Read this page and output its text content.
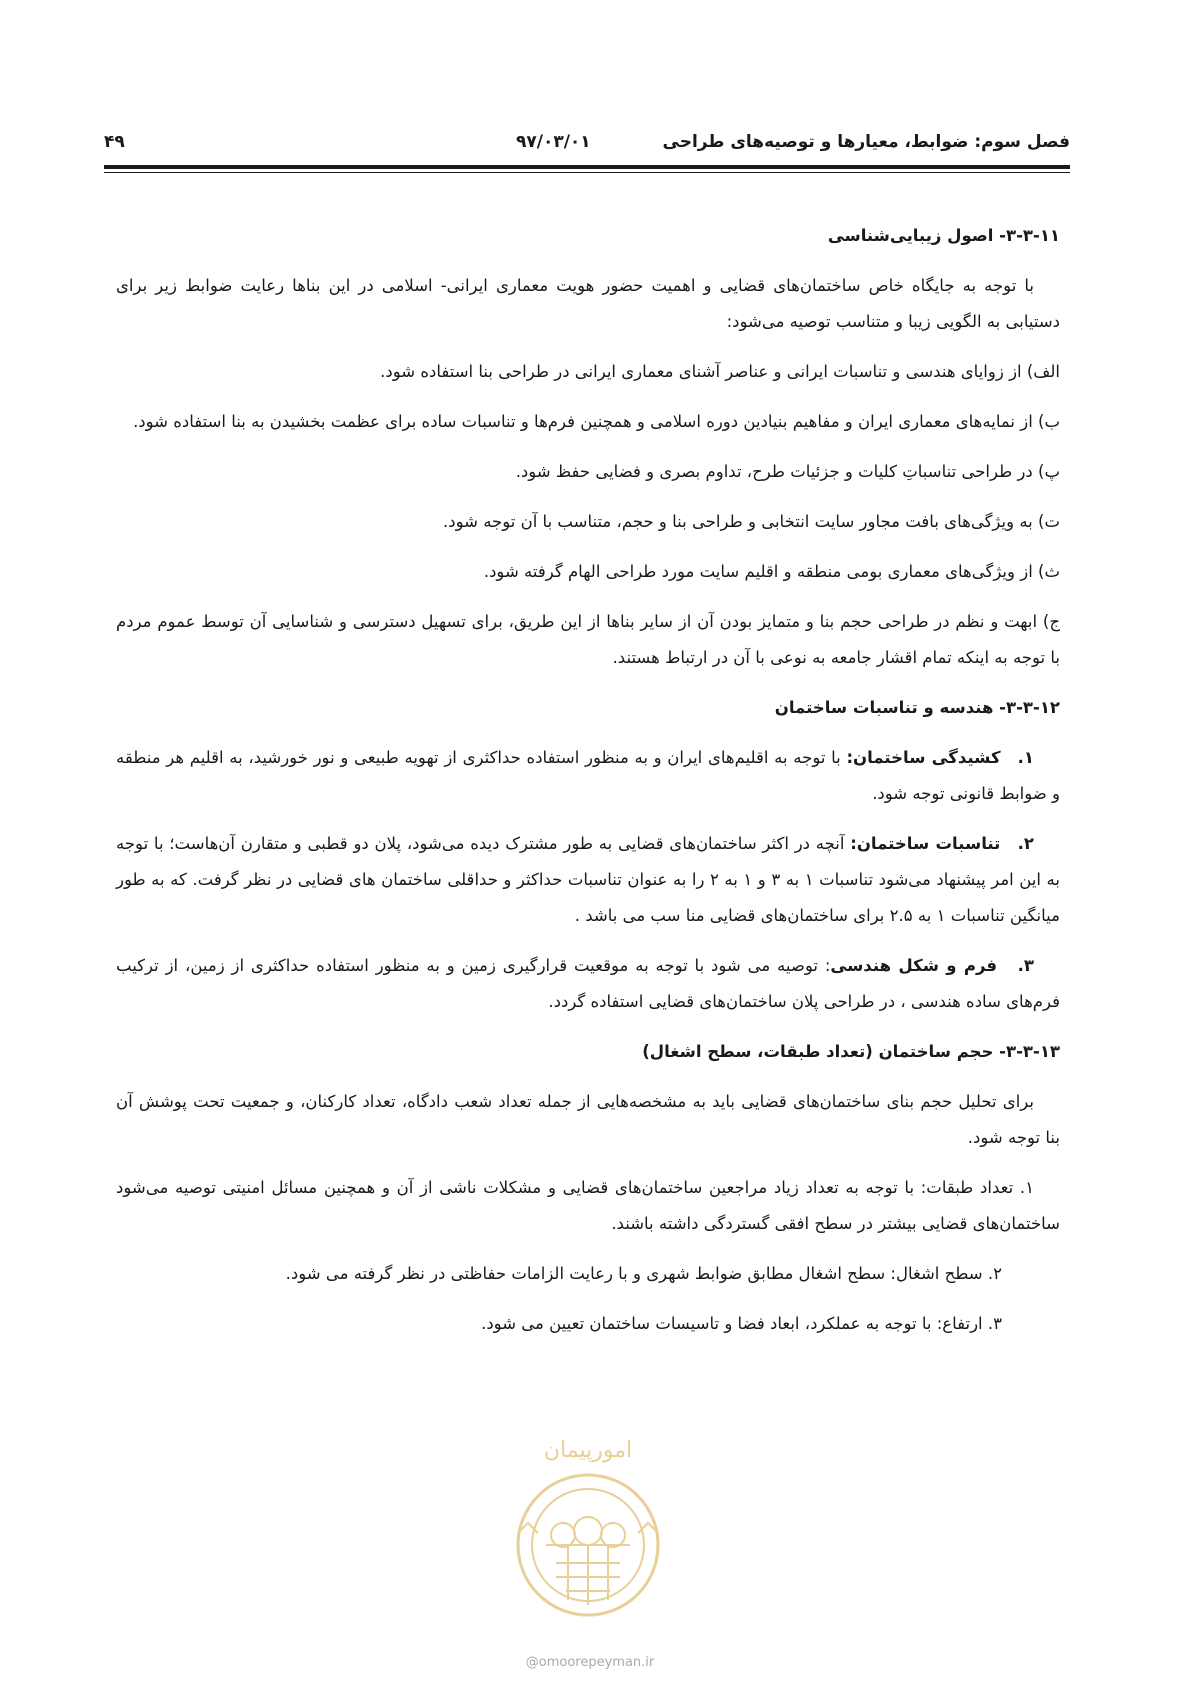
فصل سوم: ضوابط، معیارها و توصیه‌های طراحی
۹۷/۰۳/۰۱
۴۹
۳-۳-۱۱- اصول زیبایی‌شناسی

با توجه به جایگاه خاص ساختمان‌های قضایی و اهمیت حضور هویت معماری ایرانی- اسلامی در این بناها رعایت ضوابط زیر برای دستیابی به الگویی زیبا و متناسب توصیه می‌شود:

الف) از زوایای هندسی و تناسبات ایرانی و عناصر آشنای معماری ایرانی در طراحی بنا استفاده شود.

ب) از نمایه‌های معماری ایران و مفاهیم بنیادین دوره اسلامی و همچنین فرم‌ها و تناسبات ساده برای عظمت بخشیدن به بنا استفاده شود.

پ) در طراحی تناسباتِ کلیات و جزئیات طرح، تداوم بصری و فضایی حفظ شود.

ت) به ویژگی‌های بافت مجاور سایت انتخابی و طراحی بنا و حجم، متناسب با آن توجه شود.

ث) از ویژگی‌های معماری بومی منطقه و اقلیم سایت مورد طراحی الهام گرفته شود.

ج) ابهت و نظم در طراحی حجم بنا و متمایز بودن آن از سایر بناها از این طریق، برای تسهیل دسترسی و شناسایی آن توسط عموم مردم با توجه به اینکه تمام اقشار جامعه به نوعی با آن در ارتباط هستند.

۳-۳-۱۲- هندسه و تناسبات ساختمان

۱.   کشیدگی ساختمان: با توجه به اقلیم‌های ایران و به منظور استفاده حداکثری از تهویه طبیعی و نور خورشید، به اقلیم هر منطقه و ضوابط قانونی توجه شود.

۲.   تناسبات ساختمان: آنچه در اکثر ساختمان‌های قضایی به طور مشترک دیده می‌شود، پلان دو قطبی و متقارن آن‌هاست؛ با توجه به این امر پیشنهاد می‌شود تناسبات ۱ به ۳ و ۱ به ۲ را به عنوان تناسبات حداکثر و حداقلی ساختمان های قضایی در نظر گرفت. که به طور میانگین تناسبات ۱ به ۲.۵ برای ساختمان‌های قضایی منا سب می باشد .

۳.   فرم و شکل هندسی: توصیه می شود با توجه به موقعیت قرارگیری زمین و به منظور استفاده حداکثری از زمین، از ترکیب فرم‌های ساده هندسی ، در طراحی پلان ساختمان‌های قضایی استفاده گردد.

۳-۳-۱۳- حجم ساختمان (تعداد طبقات، سطح اشغال)

برای تحلیل حجم بنای ساختمان‌های قضایی باید به مشخصه‌هایی از جمله تعداد شعب دادگاه، تعداد کارکنان، و جمعیت تحت پوشش آن بنا توجه شود.

۱. تعداد طبقات: با توجه به تعداد زیاد مراجعین ساختمان‌های قضایی و مشکلات ناشی از آن و همچنین مسائل امنیتی توصیه می‌شود ساختمان‌های قضایی بیشتر در سطح افقی گستردگی داشته باشند.

۲. سطح اشغال: سطح اشغال مطابق ضوابط شهری و با رعایت الزامات حفاظتی در نظر گرفته می شود.

۳. ارتفاع: با توجه به عملکرد، ابعاد فضا و تاسیسات ساختمان تعیین می شود.

امورپیمان
@omoorepeyman.ir
